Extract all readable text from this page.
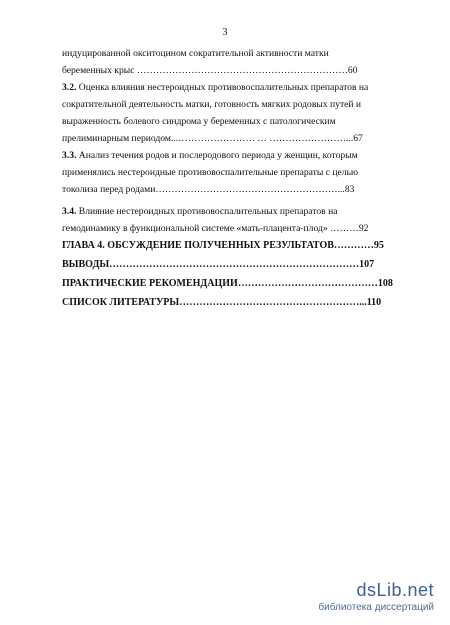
3
индуцированной окситоцином сократительной активности матки
беременных крыс …………………………………………………………60
3.2. Оценка влияния нестероидных противовоспалительных препаратов на
сократительной деятельность матки, готовность мягких родовых путей и
выраженность болевого синдрома у беременных с патологическим
прелиминарным периодом...…………………… … ……………………...67
3.3. Анализ течения родов и послеродового периода у женщин, которым
применялись нестероидные противовоспалительные препараты с целью
токолиза перед родами…………………………………………………...83
3.4. Влияние нестероидных противовоспалительных препаратов на
гемодинамику в функциональной системе «мать-плацента-плод» ………92
ГЛАВА 4. ОБСУЖДЕНИЕ ПОЛУЧЕННЫХ РЕЗУЛЬТАТОВ…………95
ВЫВОДЫ…………………………………………………………………107
ПРАКТИЧЕСКИЕ РЕКОМЕНДАЦИИ……………………………………108
СПИСОК ЛИТЕРАТУРЫ………………………………………………...110
dsLib.net
библиотека диссертаций
